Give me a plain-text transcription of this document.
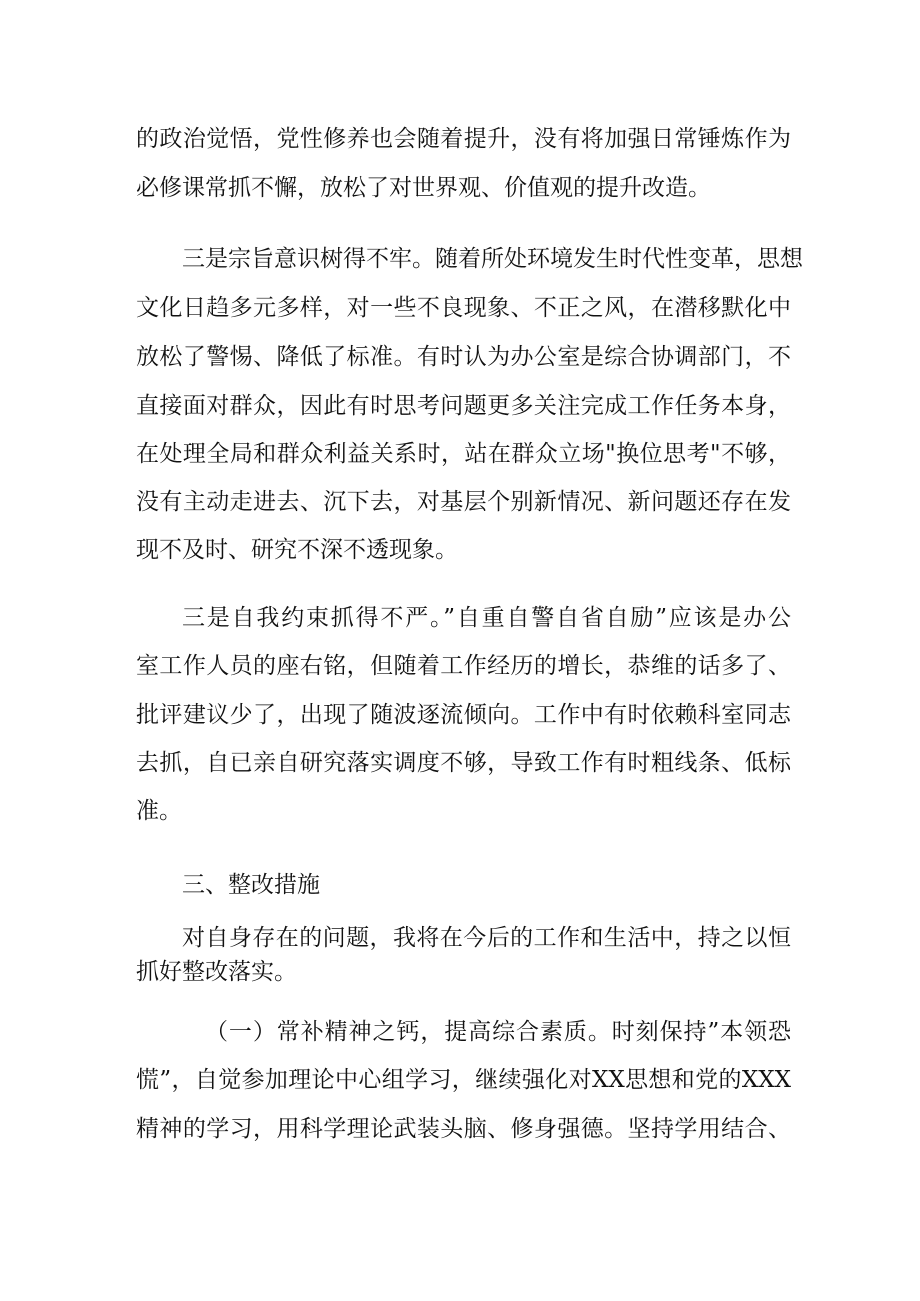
的政治觉悟，党性修养也会随着提升，没有将加强日常锤炼作为
必修课常抓不懈，放松了对世界观、价值观的提升改造。
三是宗旨意识树得不牢。随着所处环境发生时代性变革，思想
文化日趋多元多样，对一些不良现象、不正之风，在潜移默化中
放松了警惕、降低了标准。有时认为办公室是综合协调部门，不
直接面对群众，因此有时思考问题更多关注完成工作任务本身，
在处理全局和群众利益关系时，站在群众立场"换位思考"不够，
没有主动走进去、沉下去，对基层个别新情况、新问题还存在发
现不及时、研究不深不透现象。
三是自我约束抓得不严。”自重自警自省自励”应该是办公
室工作人员的座右铭，但随着工作经历的增长，恭维的话多了、
批评建议少了，出现了随波逐流倾向。工作中有时依赖科室同志
去抓，自已亲自研究落实调度不够，导致工作有时粗线条、低标
准。
三、整改措施
对自身存在的问题，我将在今后的工作和生活中，持之以恒
抓好整改落实。
（一）常补精神之钙，提高综合素质。时刻保持”本领恐
慌”，自觉参加理论中心组学习，继续强化对XX思想和党的XXX
精神的学习，用科学理论武装头脑、修身强德。坚持学用结合、
